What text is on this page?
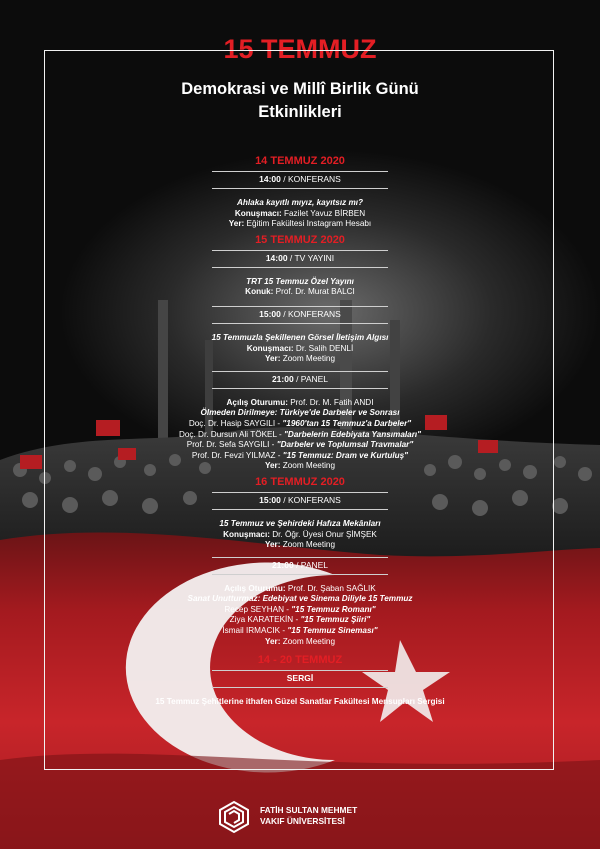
15 TEMMUZ
Demokrasi ve Millî Birlik Günü
Etkinlikleri
14 TEMMUZ 2020
14:00 / KONFERANS
Ahlaka kayıtlı mıyız, kayıtsız mı?
Konuşmacı: Fazilet Yavuz BİRBEN
Yer: Eğitim Fakültesi Instagram Hesabı
15 TEMMUZ 2020
14:00 / TV YAYINI
TRT 15 Temmuz Özel Yayını
Konuk: Prof. Dr. Murat BALCI
15:00 / KONFERANS
15 Temmuzla Şekillenen Görsel İletişim Algısı
Konuşmacı: Dr. Salih DENLİ
Yer: Zoom Meeting
21:00 / PANEL
Açılış Oturumu: Prof. Dr. M. Fatih ANDI
Ölmeden Dirilmeye: Türkiye'de Darbeler ve Sonrası
Doç. Dr. Hasip SAYGILI - "1960'tan 15 Temmuz'a Darbeler"
Doç. Dr. Dursun Ali TÖKEL - "Darbelerin Edebiyata Yansımaları"
Prof. Dr. Sefa SAYGILI - "Darbeler ve Toplumsal Travmalar"
Prof. Dr. Fevzi YILMAZ - "15 Temmuz: Dram ve Kurtuluş"
Yer: Zoom Meeting
16 TEMMUZ 2020
15:00 / KONFERANS
15 Temmuz ve Şehirdeki Hafıza Mekânları
Konuşmacı: Dr. Öğr. Üyesi Onur ŞİMŞEK
Yer: Zoom Meeting
21:00 / PANEL
Açılış Oturumu: Prof. Dr. Şaban SAĞLIK
Sanat Unutturmaz: Edebiyat ve Sinema Diliyle 15 Temmuz
Recep SEYHAN - "15 Temmuz Romanı"
Ziya KARATEKİN - "15 Temmuz Şiiri"
İsmail IRMACIK - "15 Temmuz Sineması"
Yer: Zoom Meeting
14 - 20 TEMMUZ
SERGİ
15 Temmuz Şehitlerine ithafen Güzel Sanatlar Fakültesi Mensupları Sergisi
FATİH SULTAN MEHMET
VAKIF ÜNİVERSİTESİ
